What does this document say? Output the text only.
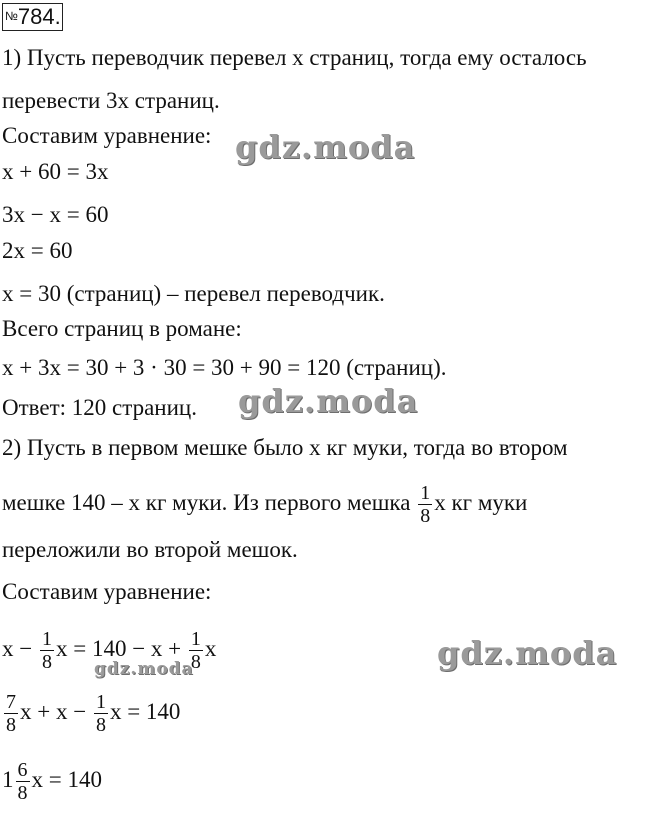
№784.
1) Пусть переводчик перевел x страниц, тогда ему осталось
перевести 3x страниц.
Составим уравнение:
x + 60 = 3x
3x − x = 60
2x = 60
x = 30 (страниц) – перевел переводчик.
Всего страниц в романе:
x + 3x = 30 + 3 · 30 = 30 + 90 = 120 (страниц).
Ответ: 120 страниц.
2) Пусть в первом мешке было x кг муки, тогда во втором
мешке 140 – x кг муки. Из первого мешка $\frac{1}{8}$ x кг муки
переложили во второй мешок.
Составим уравнение:
$x - \frac{1}{8}$ $x = 140 - x + \frac{1}{8}$ x
$\frac{7}{8}$ $x + x - \frac{1}{8}$ x = 140
$1 \frac{6}{8}$ x = 140
gdz.moda
gdz.moda
gdz.moda
gdz.moda
